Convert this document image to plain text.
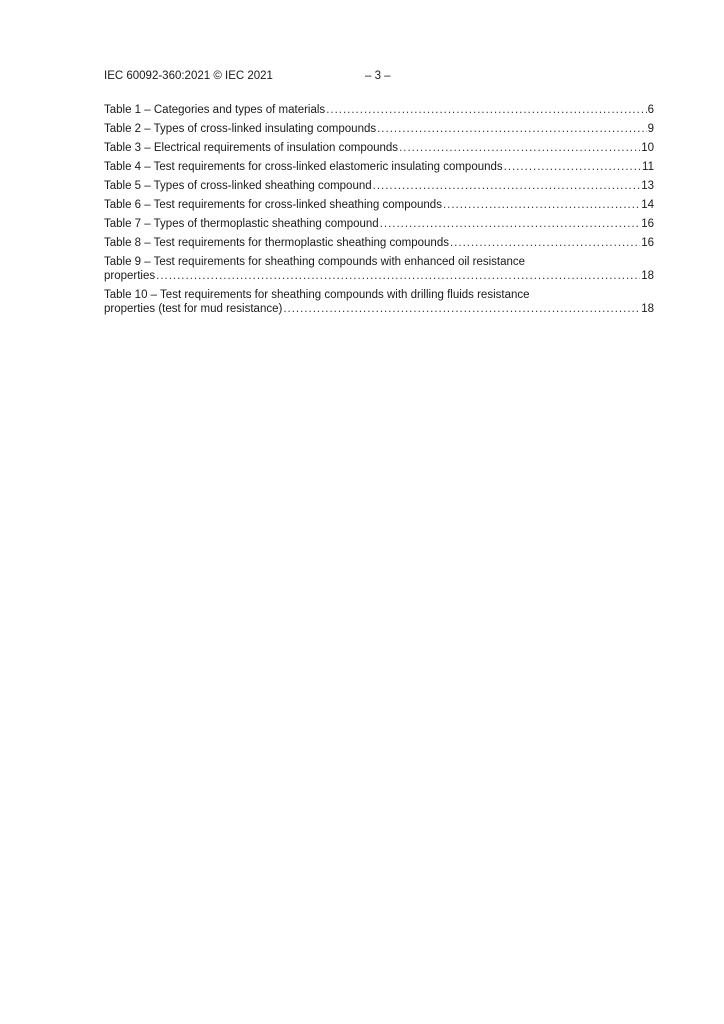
IEC 60092-360:2021 © IEC 2021	– 3 –
Table 1 – Categories and types of materials .....	6
Table 2 – Types of cross-linked insulating compounds .....	9
Table 3 – Electrical requirements of insulation compounds .....	10
Table 4 – Test requirements for cross-linked elastomeric insulating compounds .....	11
Table 5 – Types of cross-linked sheathing compound .....	13
Table 6 – Test requirements for cross-linked sheathing compounds .....	14
Table 7 – Types of thermoplastic sheathing compound .....	16
Table 8 – Test requirements for thermoplastic sheathing compounds .....	16
Table 9 – Test requirements for sheathing compounds with enhanced oil resistance
properties .....	18
Table 10 – Test requirements for sheathing compounds with drilling fluids resistance
properties (test for mud resistance) .....	18
